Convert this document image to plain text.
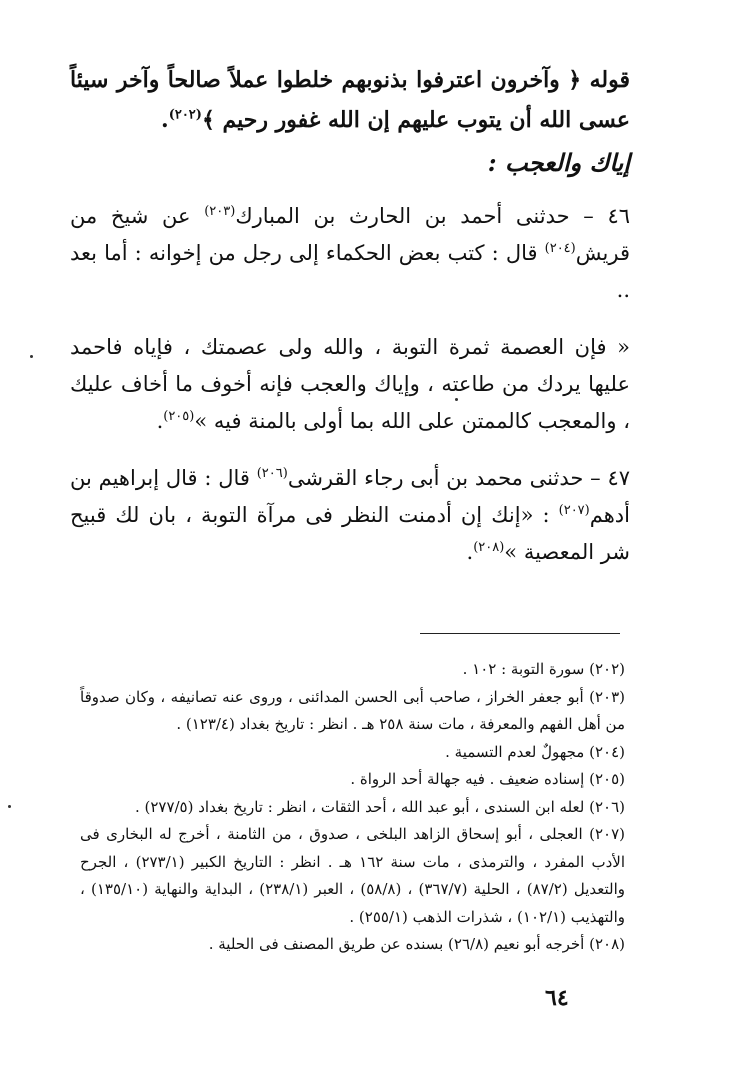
قوله ﴿ وآخرون اعترفوا بذنوبهم خلطوا عملاً صالحاً وآخر سيئاً عسى الله أن يتوب عليهم إن الله غفور رحيم ﴾$^{(٢٠٢)}$.

إياك والعجب :

٤٦ – حدثنى أحمد بن الحارث بن المبارك$^{(٢٠٣)}$ عن شيخ من قريش$^{(٢٠٤)}$ قال : كتب بعض الحكماء إلى رجل من إخوانه : أما بعد ..

« فإن العصمة ثمرة التوبة ، والله ولى عصمتك ، فإياه فاحمد عليها يردك من طاعته ، وإياك والعجب فإنه أخوف ما أخاف عليك ، والمعجب كالممتن على الله بما أولى بالمنة فيه »$^{(٢٠٥)}$.

٤٧ – حدثنى محمد بن أبى رجاء القرشى$^{(٢٠٦)}$ قال : قال إبراهيم بن أدهم$^{(٢٠٧)}$ : «إنك إن أدمنت النظر فى مرآة التوبة ، بان لك قبيح شر المعصية »$^{(٢٠٨)}$.

(٢٠٢) سورة التوبة : ١٠٢ .

(٢٠٣) أبو جعفر الخراز ، صاحب أبى الحسن المدائنى ، وروى عنه تصانيفه ، وكان صدوقاً من أهل الفهم والمعرفة ، مات سنة ٢٥٨ هـ . انظر : تاريخ بغداد (١٢٣/٤) .

(٢٠٤) مجهولٌ لعدم التسمية .

(٢٠٥) إسناده ضعيف . فيه جهالة أحد الرواة .

(٢٠٦) لعله ابن السندى ، أبو عبد الله ، أحد الثقات ، انظر : تاريخ بغداد (٢٧٧/٥) .

(٢٠٧) العجلى ، أبو إسحاق الزاهد البلخى ، صدوق ، من الثامنة ، أخرج له البخارى فى الأدب المفرد ، والترمذى ، مات سنة ١٦٢ هـ . انظر : التاريخ الكبير (٢٧٣/١) ، الجرح والتعديل (٨٧/٢) ، الحلية (٣٦٧/٧) ، (٥٨/٨) ، العبر (٢٣٨/١) ، البداية والنهاية (١٣٥/١٠) ، والتهذيب (١٠٢/١) ، شذرات الذهب (٢٥٥/١) .

(٢٠٨) أخرجه أبو نعيم (٢٦/٨) بسنده عن طريق المصنف فى الحلية .

٦٤
